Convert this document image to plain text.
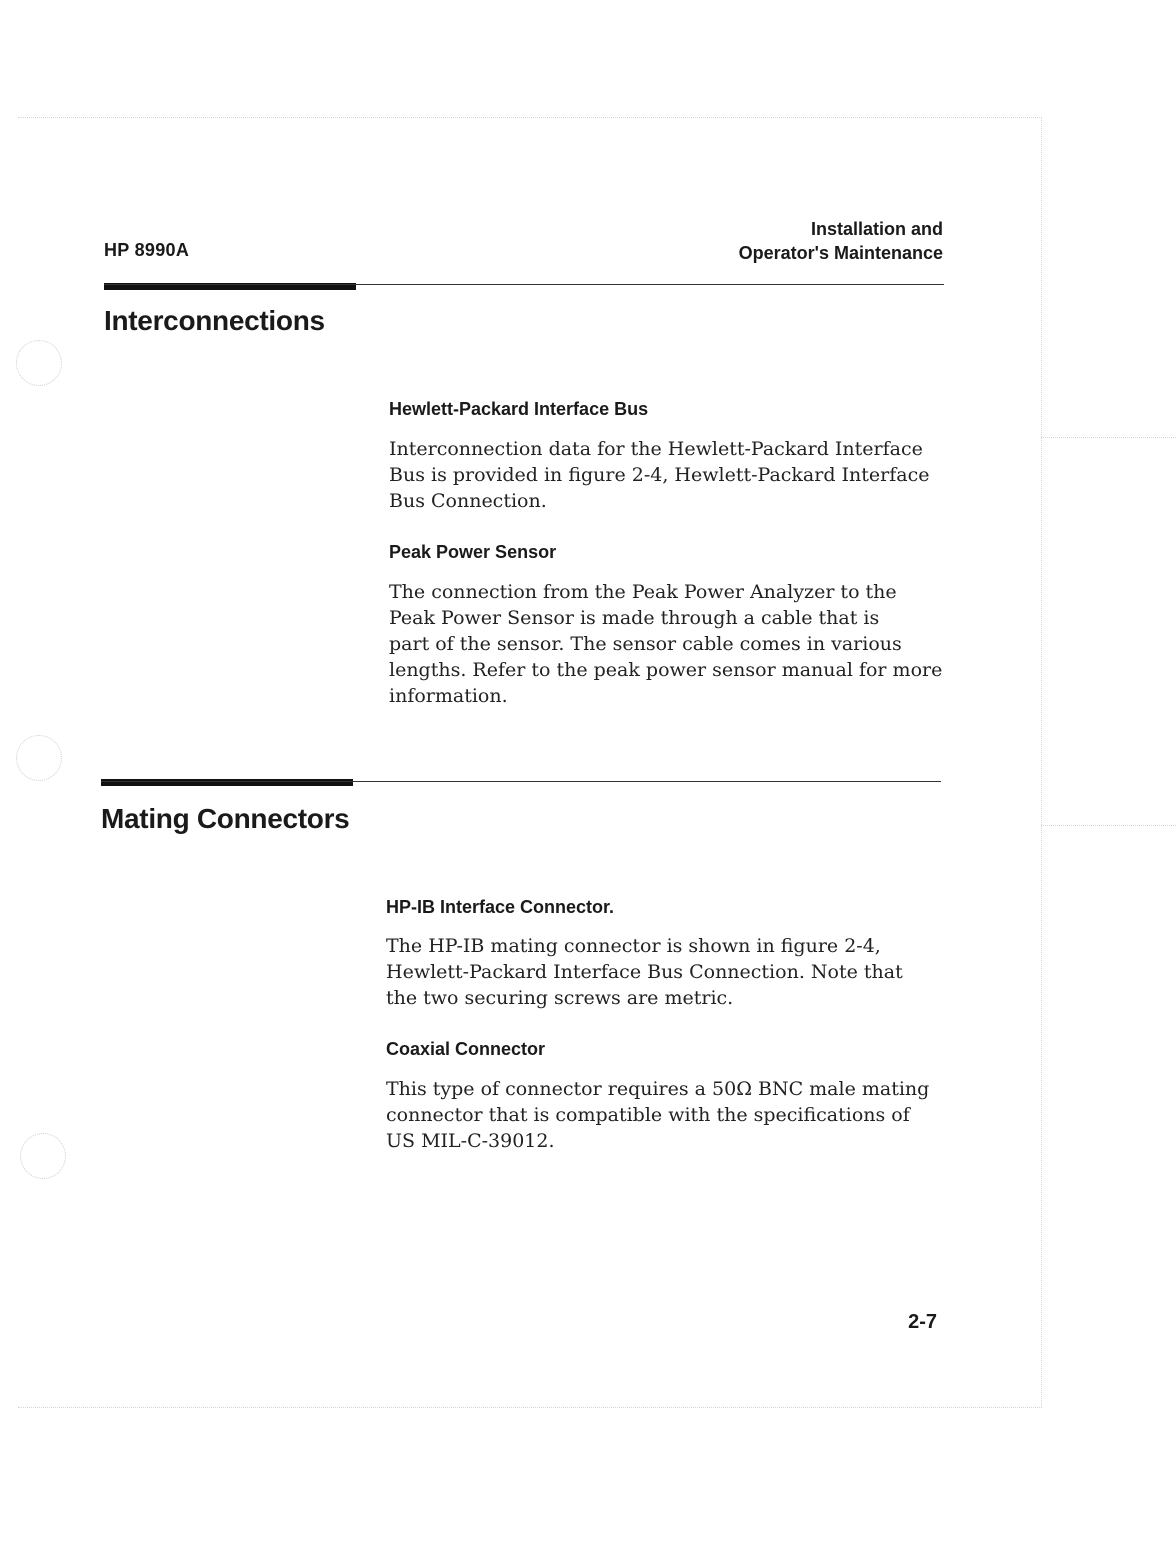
HP 8990A
Installation and
Operator's Maintenance
Interconnections
Hewlett-Packard Interface Bus
Interconnection data for the Hewlett-Packard Interface
Bus is provided in figure 2-4, Hewlett-Packard Interface
Bus Connection.
Peak Power Sensor
The connection from the Peak Power Analyzer to the
Peak Power Sensor is made through a cable that is
part of the sensor. The sensor cable comes in various
lengths. Refer to the peak power sensor manual for more
information.
Mating Connectors
HP-IB Interface Connector.
The HP-IB mating connector is shown in figure 2-4,
Hewlett-Packard Interface Bus Connection. Note that
the two securing screws are metric.
Coaxial Connector
This type of connector requires a 50Ω BNC male mating
connector that is compatible with the specifications of
US MIL-C-39012.
2-7
